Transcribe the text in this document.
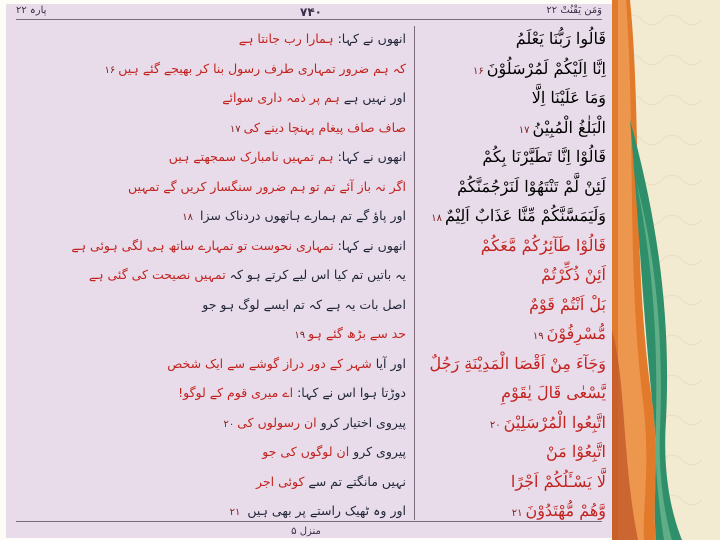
پارہ ۲۲	۷۴۰	وَمَن یَقْنُتْ ۲۲
انھوں نے کہا: ہمارا رب جانتا ہے	قَالُوا رَبُّنَا يَعْلَمُ
کہ ہم ضرور تمہاری طرف رسول بنا کر بھیجے گئے ہیں۱۶	اِنَّا اِلَيْكُمْ لَمُرْسَلُوْنَ۱۶
اور نہیں ہے ہم پر ذمہ داری سوائے	وَمَا عَلَيْنَا اِلَّا
صاف صاف پیغام پہنچا دینے کی۱۷	الْبَلٰغُ الْمُبِيْنُ۱۷
انھوں نے کہا: ہم تمہیں نامبارک سمجھتے ہیں	قَالُوْا اِنَّا تَطَيَّرْنَا بِكُمْ
اگر نہ باز آئے تم تو ہم ضرور سنگسار کریں گے تمہیں	لَئِنْ لَّمْ تَنْتَهُوْا لَنَرْجُمَنَّكُمْ
اور پاؤ گے تم ہمارے ہاتھوں دردناک سزا ۱۸	وَلَيَمَسَّنَّكُمْ مِّنَّا عَذَابٌ اَلِيْمٌ۱۸
انھوں نے کہا: تمہاری نحوست تو تمہارے ساتھ ہی لگی ہوئی ہے	قَالُوْا طَآئِرُكُمْ مَّعَكُمْ
یہ باتیں تم کیا اس لیے کرتے ہو کہ تمہیں نصیحت کی گئی ہے	اَئِنْ ذُكِّرْتُمْ
اصل بات یہ ہے کہ تم ایسے لوگ ہو جو	بَلْ اَنْتُمْ قَوْمٌ
حد سے بڑھ گئے ہو۱۹	مُّسْرِفُوْنَ۱۹
اور آیا شہر کے دور دراز گوشے سے ایک شخص	وَجَآءَ مِنْ اَقْصَا الْمَدِيْنَةِ رَجُلٌ
دوڑتا ہوا اس نے کہا: اے میری قوم کے لوگو!	يَّسْعٰى قَالَ يٰقَوْمِ
پیروی اختیار کرو ان رسولوں کی۲۰	اتَّبِعُوا الْمُرْسَلِيْنَ۲۰
پیروی کرو ان لوگوں کی جو	اتَّبِعُوْا مَنْ
نہیں مانگتے تم سے کوئی اجر	لَّا يَسْـَٔلُكُمْ اَجْرًا
اور وہ ٹھیک راستے پر بھی ہیں ۲۱	وَّهُمْ مُّهْتَدُوْنَ۲۱
منزل ۵
